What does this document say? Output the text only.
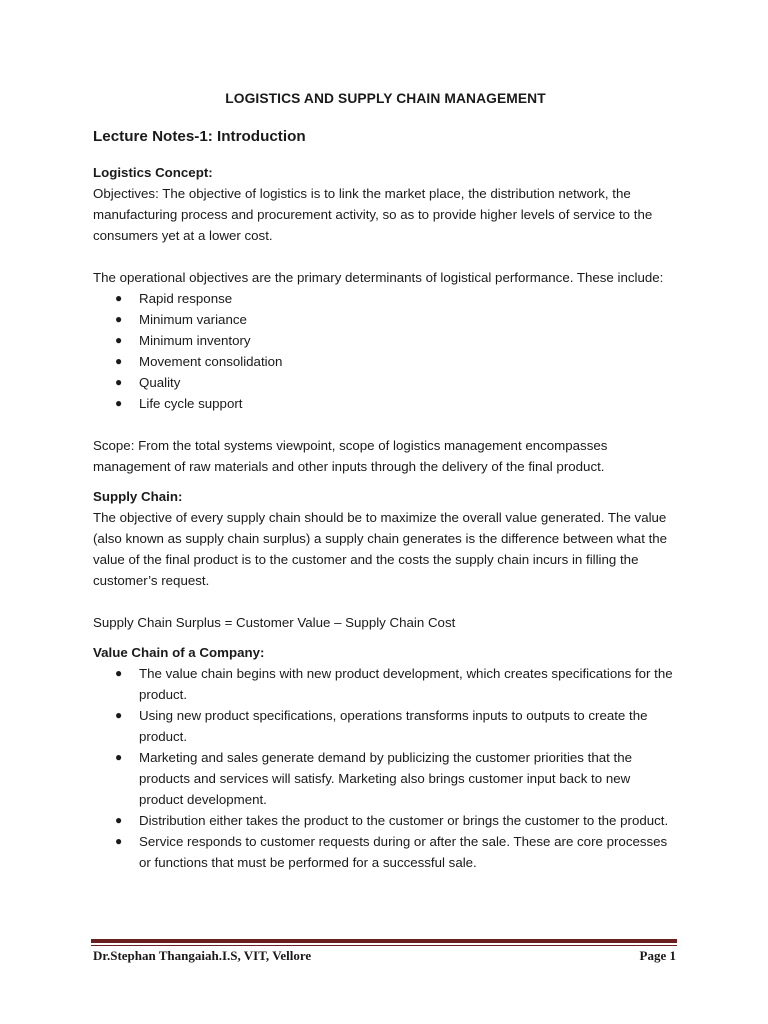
LOGISTICS AND SUPPLY CHAIN MANAGEMENT
Lecture Notes-1: Introduction

Logistics Concept:

Objectives: The objective of logistics is to link the market place, the distribution network, the manufacturing process and procurement activity, so as to provide higher levels of service to the consumers yet at a lower cost.

The operational objectives are the primary determinants of logistical performance. These include:

● Rapid response
● Minimum variance
● Minimum inventory
● Movement consolidation
● Quality
● Life cycle support

Scope: From the total systems viewpoint, scope of logistics management encompasses management of raw materials and other inputs through the delivery of the final product.

Supply Chain:

The objective of every supply chain should be to maximize the overall value generated. The value (also known as supply chain surplus) a supply chain generates is the difference between what the value of the final product is to the customer and the costs the supply chain incurs in filling the customer’s request.

Supply Chain Surplus = Customer Value – Supply Chain Cost

Value Chain of a Company:

● The value chain begins with new product development, which creates specifications for the product.
● Using new product specifications, operations transforms inputs to outputs to create the product.
● Marketing and sales generate demand by publicizing the customer priorities that the products and services will satisfy. Marketing also brings customer input back to new product development.
● Distribution either takes the product to the customer or brings the customer to the product.
● Service responds to customer requests during or after the sale. These are core processes or functions that must be performed for a successful sale.
Dr.Stephan Thangaiah.I.S, VIT, Vellore	Page 1
